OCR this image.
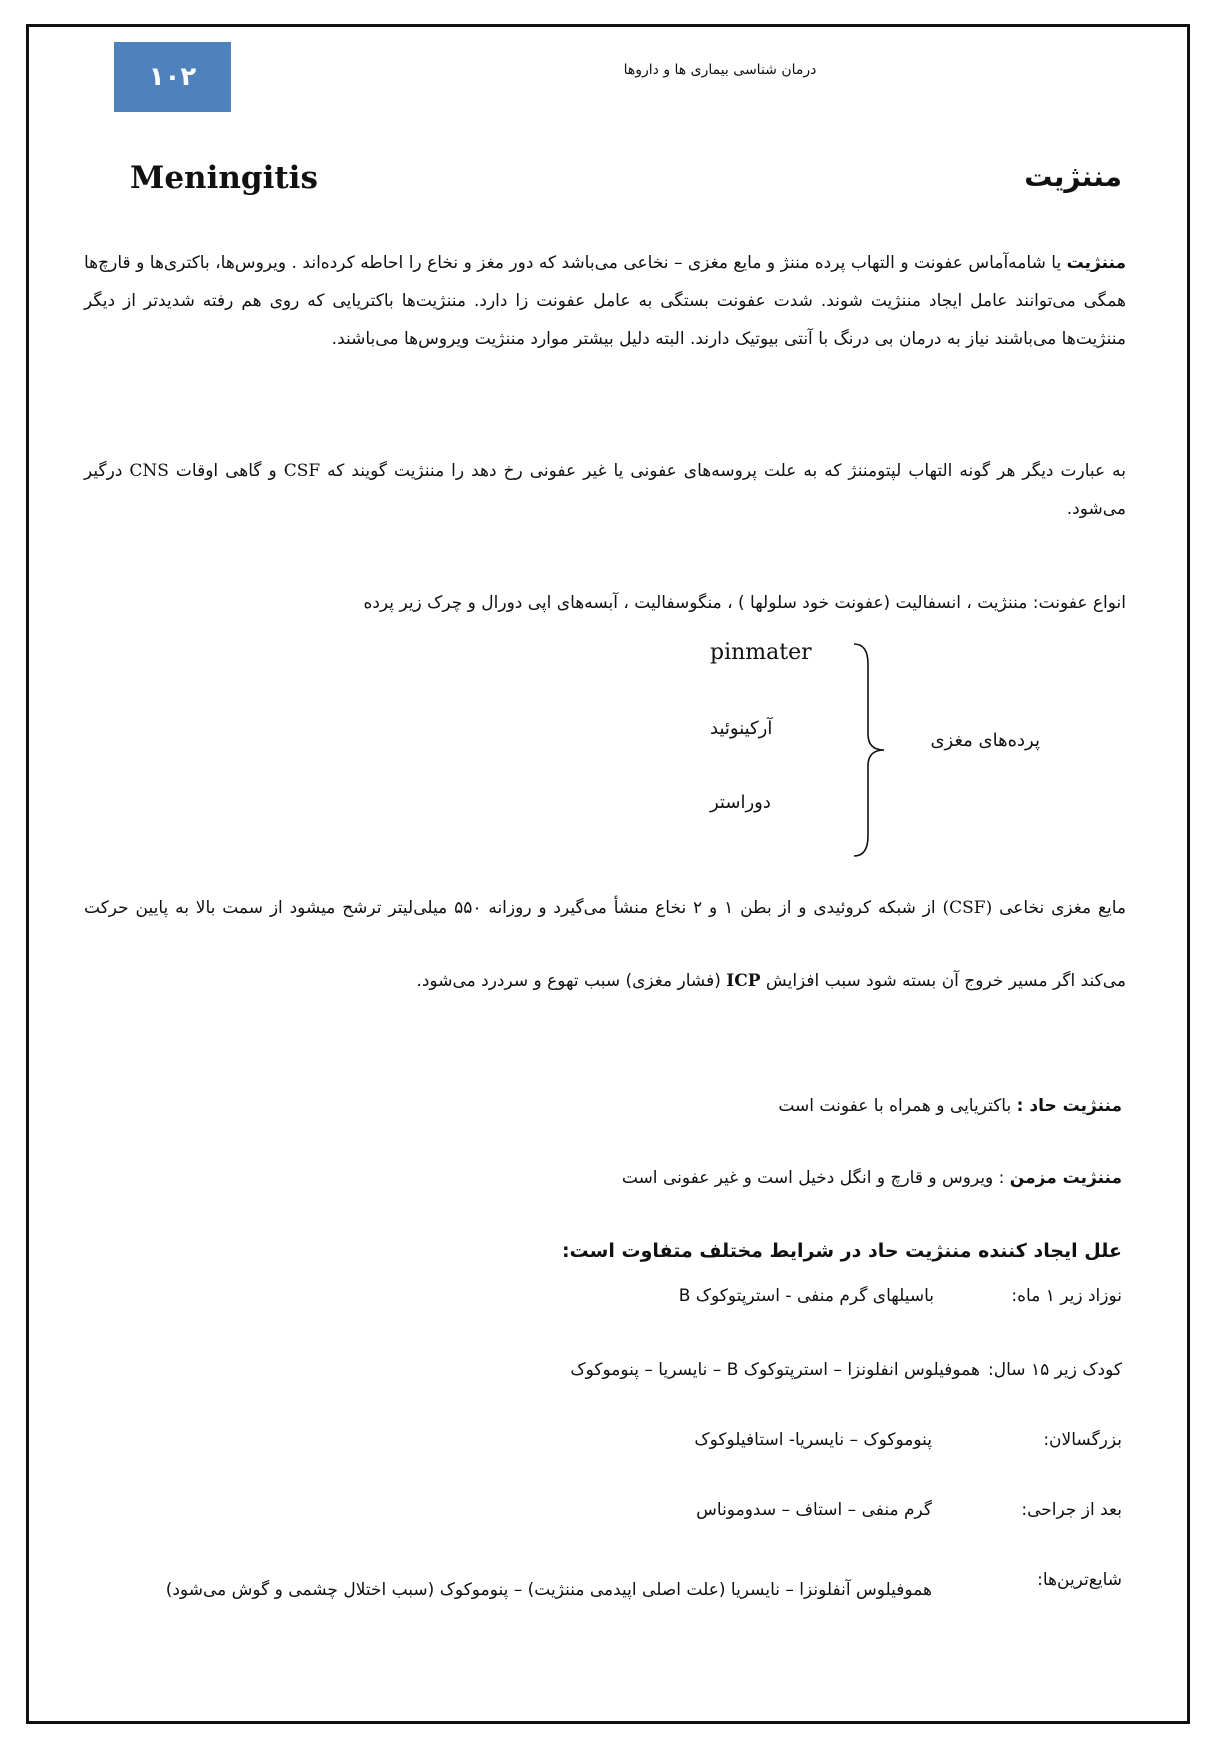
۱۰۲	درمان شناسی بیماری ها و داروها
Meningitis	مننژیت
مننژیت یا شامه‌آماس عفونت و التهاب پرده مننژ و مایع مغزی – نخاعی می‌باشد که دور مغز و نخاع را احاطه کرده‌اند . ویروس‌ها، باکتری‌ها و قارچ‌ها همگی می‌توانند عامل ایجاد مننژیت شوند. شدت عفونت بستگی به عامل عفونت زا دارد. مننژیت‌ها باکتریایی که روی هم رفته شدیدتر از دیگر مننژیت‌ها می‌باشند نیاز به درمان بی درنگ با آنتی بیوتیک دارند. البته دلیل بیشتر موارد مننژیت ویروس‌ها می‌باشند.
به عبارت دیگر هر گونه التهاب لپتومننژ که به علت پروسه‌های عفونی یا غیر عفونی رخ دهد را مننژیت گویند که CSF و گاهی اوقات CNS درگیر می‌شود.
انواع عفونت: مننژیت ، انسفالیت (عفونت خود سلولها ) ، منگوسفالیت ، آبسه‌های اپی دورال و چرک زیر پرده
پرده‌های مغزی
pinmater
آرکینوئید
دوراستر
مایع مغزی نخاعی (CSF) از شبکه کروئیدی و از بطن ۱ و ۲ نخاع منشأ می‌گیرد و روزانه ۵۵۰ میلی‌لیتر ترشح میشود از سمت بالا به پایین حرکت می‌کند اگر مسیر خروج آن بسته شود سبب افزایش ICP (فشار مغزی) سبب تهوع و سردرد می‌شود.
مننژیت حاد : باکتریایی و همراه با عفونت است
مننژیت مزمن : ویروس و قارچ و انگل دخیل است و غیر عفونی است
علل ایجاد کننده مننژیت حاد در شرایط مختلف متفاوت است:
نوزاد زیر ۱ ماه:
باسیلهای گرم منفی - استرپتوکوک B
کودک زیر ۱۵ سال:
هموفیلوس انفلونزا – استرپتوکوک B – نایسریا – پنوموکوک
بزرگسالان:
پنوموکوک – نایسریا- استافیلوکوک
بعد از جراحی:
گرم منفی – استاف – سدوموناس
شایع‌ترین‌ها:
هموفیلوس آنفلونزا – نایسریا (علت اصلی اپیدمی مننژیت) – پنوموکوک (سبب اختلال چشمی و گوش می‌شود)
